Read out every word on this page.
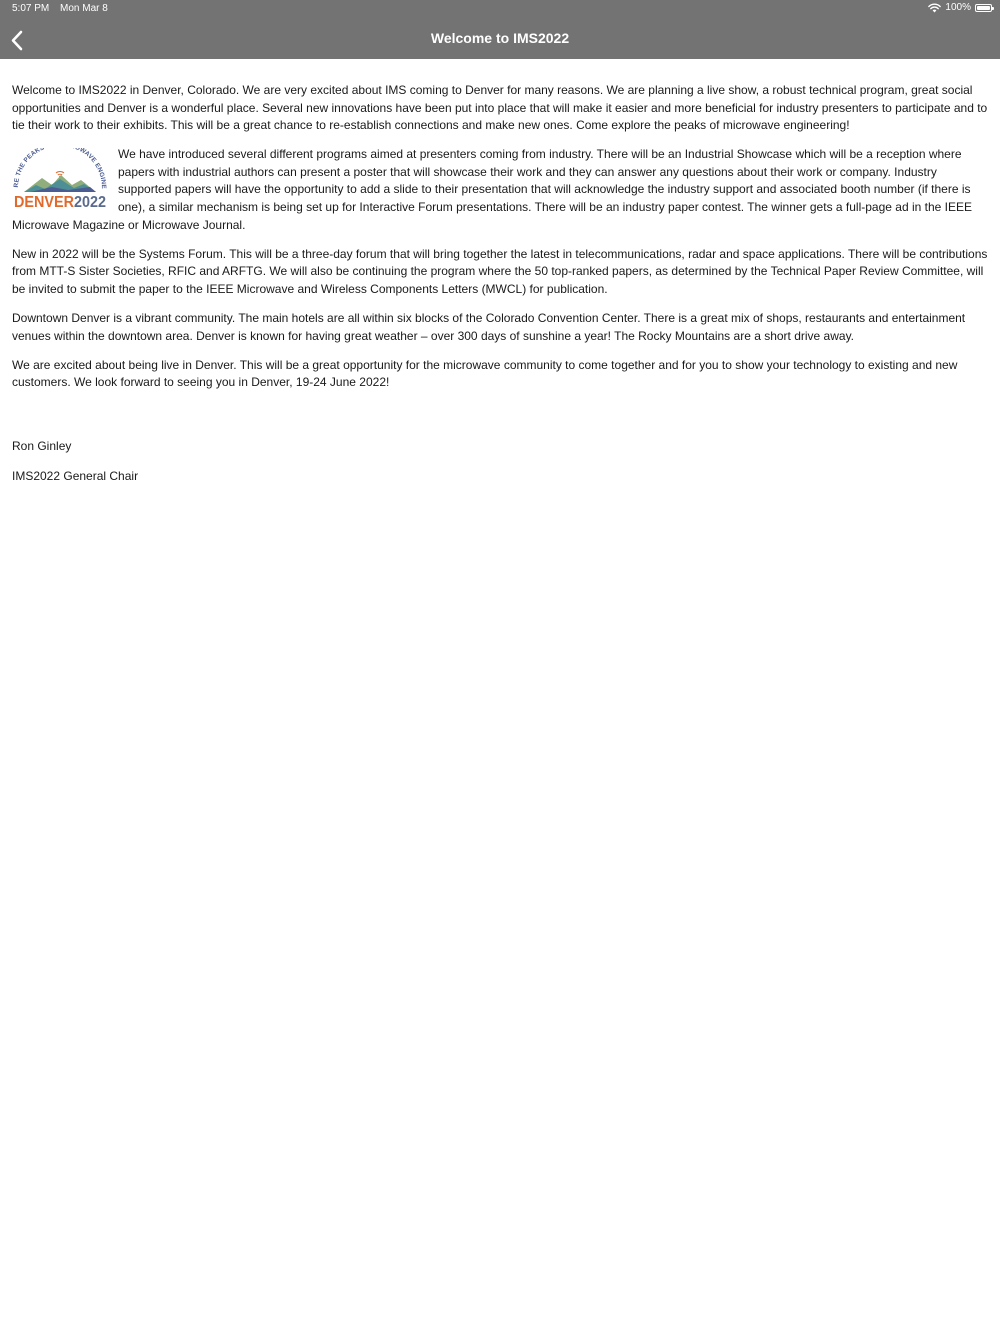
5:07 PM Mon Mar 8	100%
Welcome to IMS2022

Welcome to IMS2022 in Denver, Colorado. We are very excited about IMS coming to Denver for many reasons. We are planning a live show, a robust technical program, great social opportunities and Denver is a wonderful place. Several new innovations have been put into place that will make it easier and more beneficial for industry presenters to participate and to tie their work to their exhibits. This will be a great chance to re-establish connections and make new ones. Come explore the peaks of microwave engineering!

RE THE PEAKS OWAVE ENGINE
DENVER2022

We have introduced several different programs aimed at presenters coming from industry. There will be an Industrial Showcase which will be a reception where papers with industrial authors can present a poster that will showcase their work and they can answer any questions about their work or company. Industry supported papers will have the opportunity to add a slide to their presentation that will acknowledge the industry support and associated booth number (if there is one), a similar mechanism is being set up for Interactive Forum presentations. There will be an industry paper contest. The winner gets a full-page ad in the IEEE Microwave Magazine or Microwave Journal.

New in 2022 will be the Systems Forum. This will be a three-day forum that will bring together the latest in telecommunications, radar and space applications. There will be contributions from MTT-S Sister Societies, RFIC and ARFTG. We will also be continuing the program where the 50 top-ranked papers, as determined by the Technical Paper Review Committee, will be invited to submit the paper to the IEEE Microwave and Wireless Components Letters (MWCL) for publication.

Downtown Denver is a vibrant community. The main hotels are all within six blocks of the Colorado Convention Center. There is a great mix of shops, restaurants and entertainment venues within the downtown area. Denver is known for having great weather – over 300 days of sunshine a year! The Rocky Mountains are a short drive away.

We are excited about being live in Denver. This will be a great opportunity for the microwave community to come together and for you to show your technology to existing and new customers. We look forward to seeing you in Denver, 19-24 June 2022!

Ron Ginley
IMS2022 General Chair
